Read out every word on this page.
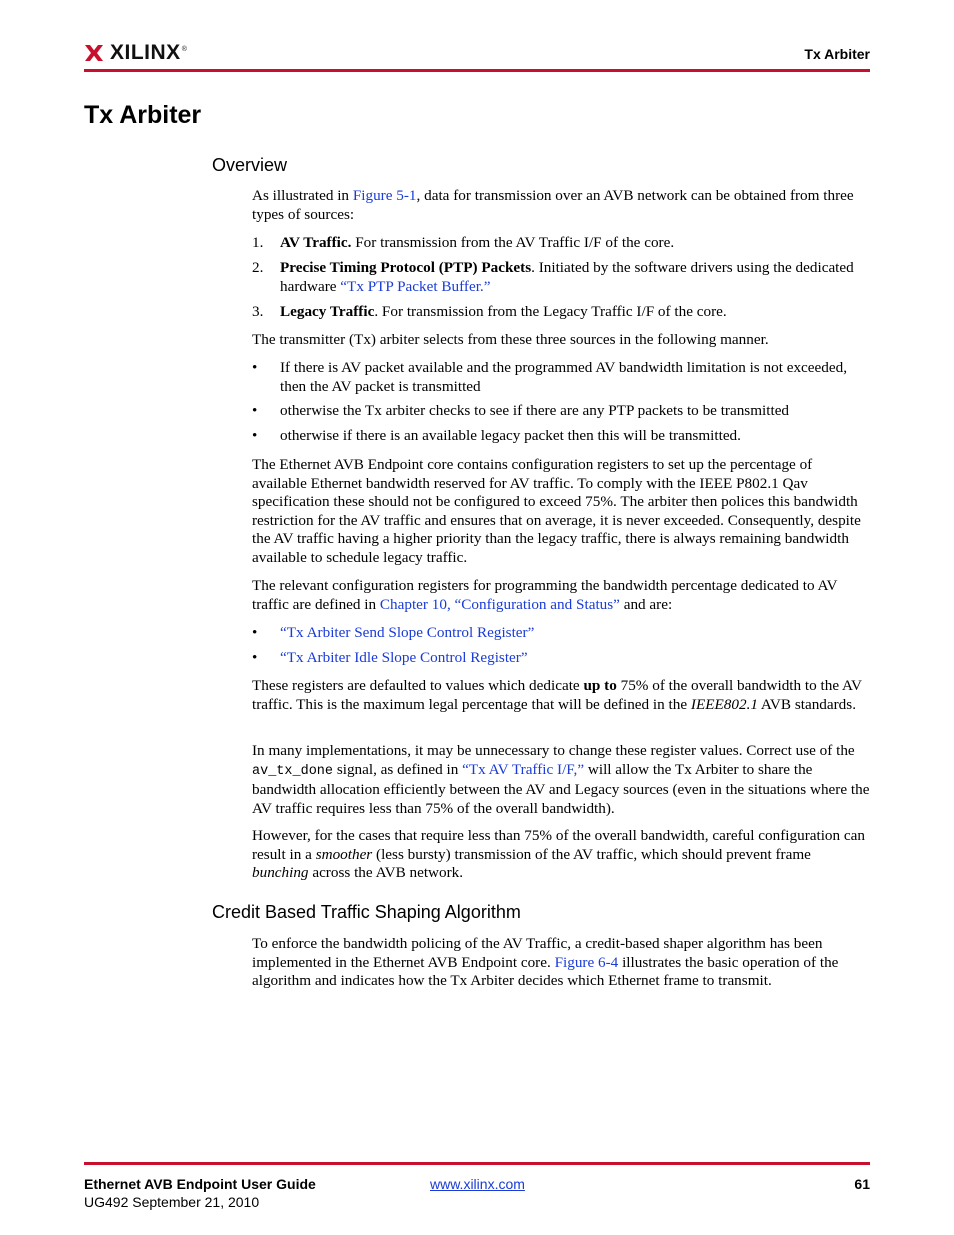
XILINX®	Tx Arbiter
Tx Arbiter
Overview
As illustrated in Figure 5-1, data for transmission over an AVB network can be obtained from three types of sources:
1. AV Traffic. For transmission from the AV Traffic I/F of the core.
2. Precise Timing Protocol (PTP) Packets. Initiated by the software drivers using the dedicated hardware “Tx PTP Packet Buffer.”
3. Legacy Traffic. For transmission from the Legacy Traffic I/F of the core.
The transmitter (Tx) arbiter selects from these three sources in the following manner.
• If there is AV packet available and the programmed AV bandwidth limitation is not exceeded, then the AV packet is transmitted
• otherwise the Tx arbiter checks to see if there are any PTP packets to be transmitted
• otherwise if there is an available legacy packet then this will be transmitted.
The Ethernet AVB Endpoint core contains configuration registers to set up the percentage of available Ethernet bandwidth reserved for AV traffic. To comply with the IEEE P802.1 Qav specification these should not be configured to exceed 75%. The arbiter then polices this bandwidth restriction for the AV traffic and ensures that on average, it is never exceeded. Consequently, despite the AV traffic having a higher priority than the legacy traffic, there is always remaining bandwidth available to schedule legacy traffic.
The relevant configuration registers for programming the bandwidth percentage dedicated to AV traffic are defined in Chapter 10, “Configuration and Status” and are:
• “Tx Arbiter Send Slope Control Register”
• “Tx Arbiter Idle Slope Control Register”
These registers are defaulted to values which dedicate up to 75% of the overall bandwidth to the AV traffic. This is the maximum legal percentage that will be defined in the IEEE802.1 AVB standards.
In many implementations, it may be unnecessary to change these register values. Correct use of the av_tx_done signal, as defined in “Tx AV Traffic I/F,” will allow the Tx Arbiter to share the bandwidth allocation efficiently between the AV and Legacy sources (even in the situations where the AV traffic requires less than 75% of the overall bandwidth).
However, for the cases that require less than 75% of the overall bandwidth, careful configuration can result in a smoother (less bursty) transmission of the AV traffic, which should prevent frame bunching across the AVB network.
Credit Based Traffic Shaping Algorithm
To enforce the bandwidth policing of the AV Traffic, a credit-based shaper algorithm has been implemented in the Ethernet AVB Endpoint core. Figure 6-4 illustrates the basic operation of the algorithm and indicates how the Tx Arbiter decides which Ethernet frame to transmit.
Ethernet AVB Endpoint User Guide
UG492 September 21, 2010
www.xilinx.com	61
